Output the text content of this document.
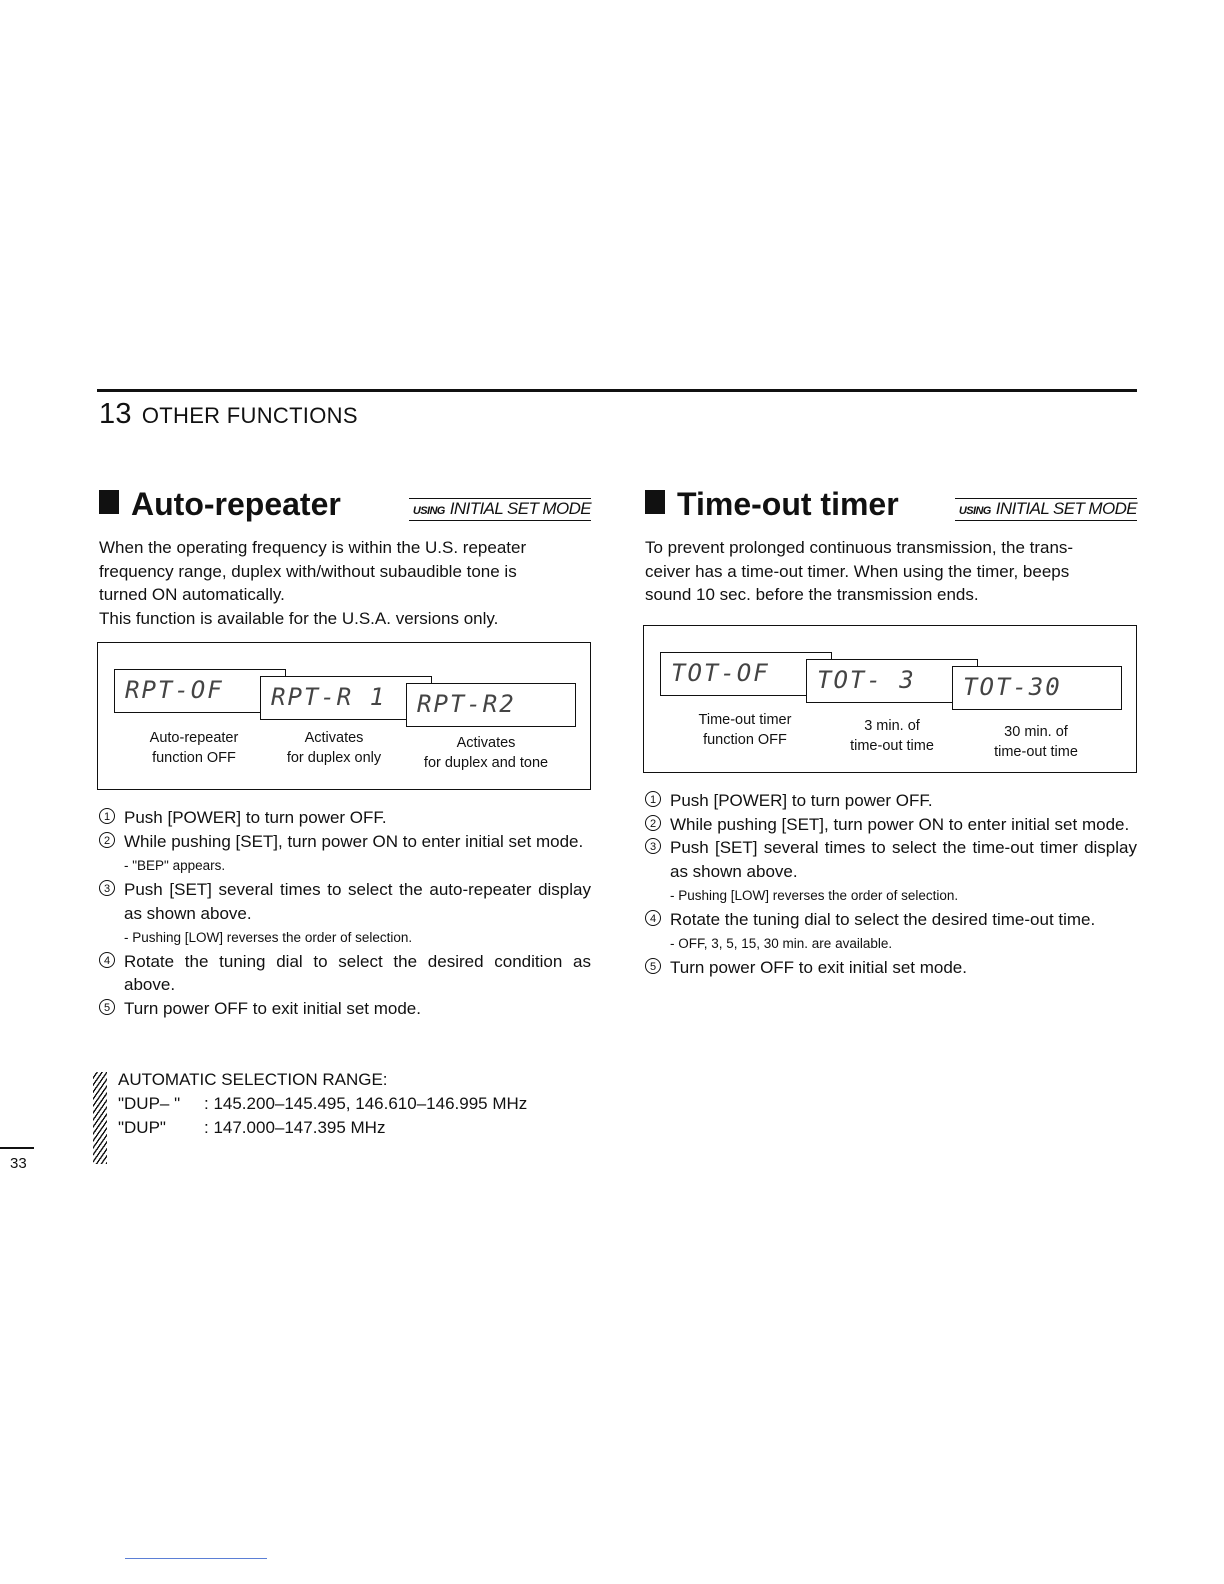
13 OTHER FUNCTIONS
Auto-repeater	USING INITIAL SET MODE
When the operating frequency is within the U.S. repeater
frequency range, duplex with/without subaudible tone is
turned ON automatically.
This function is available for the U.S.A. versions only.
RPT-OF	RPT-R 1	RPT-R2
Auto-repeater
function OFF
Activates
for duplex only
Activates
for duplex and tone
1 Push [POWER] to turn power OFF.
2 While pushing [SET], turn power ON to enter initial set mode.
- "BEP" appears.
3 Push [SET] several times to select the auto-repeater display as shown above.
- Pushing [LOW] reverses the order of selection.
4 Rotate the tuning dial to select the desired condition as above.
5 Turn power OFF to exit initial set mode.
Time-out timer	USING INITIAL SET MODE
To prevent prolonged continuous transmission, the trans-
ceiver has a time-out timer. When using the timer, beeps
sound 10 sec. before the transmission ends.
TOT-OF	TOT- 3	TOT-30
Time-out timer
function OFF
3 min. of
time-out time
30 min. of
time-out time
1 Push [POWER] to turn power OFF.
2 While pushing [SET], turn power ON to enter initial set mode.
3 Push [SET] several times to select the time-out timer display as shown above.
- Pushing [LOW] reverses the order of selection.
4 Rotate the tuning dial to select the desired time-out time.
- OFF, 3, 5, 15, 30 min. are available.
5 Turn power OFF to exit initial set mode.
AUTOMATIC SELECTION RANGE:
"DUP– " : 145.200–145.495, 146.610–146.995 MHz
"DUP" : 147.000–147.395 MHz
33
